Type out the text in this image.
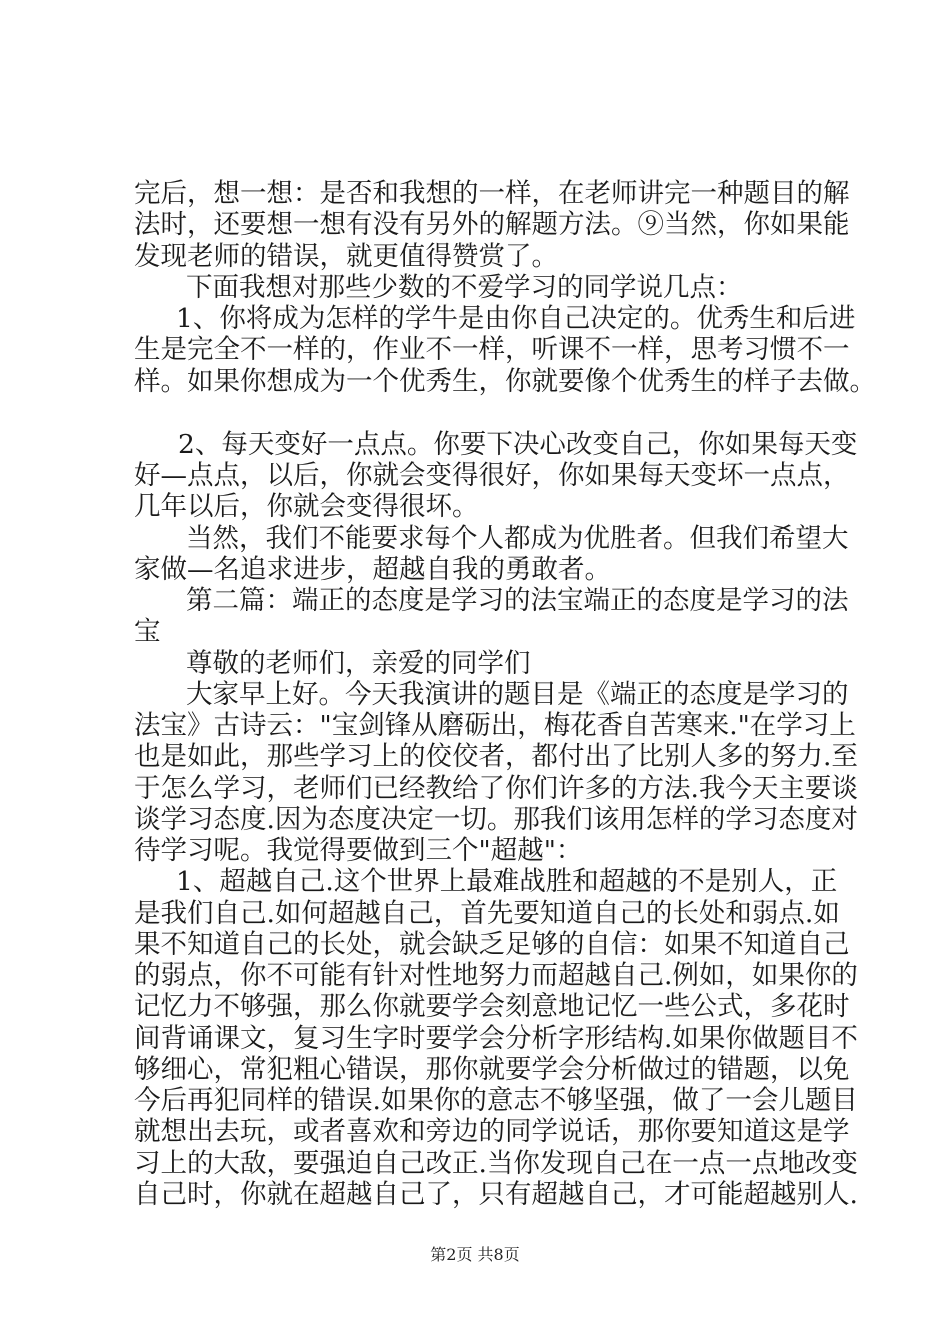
完后，想一想：是否和我想的一样，在老师讲完一种题目的解
法时，还要想一想有没有另外的解题方法。⑨当然，你如果能
发现老师的错误，就更值得赞赏了。
下面我想对那些少数的不爱学习的同学说几点：
1、你将成为怎样的学牛是由你自己决定的。优秀生和后进
生是完全不一样的，作业不一样，听课不一样，思考习惯不一
样。如果你想成为一个优秀生，你就要像个优秀生的样子去做。
2、每天变好一点点。你要下决心改变自己，你如果每天变
好—点点，以后，你就会变得很好，你如果每天变坏一点点，
几年以后，你就会变得很坏。
当然，我们不能要求每个人都成为优胜者。但我们希望大
家做—名追求进步，超越自我的勇敢者。
第二篇：端正的态度是学习的法宝端正的态度是学习的法
宝
尊敬的老师们，亲爱的同学们
大家早上好。今天我演讲的题目是《端正的态度是学习的
法宝》古诗云："宝剑锋从磨砺出，梅花香自苦寒来."在学习上
也是如此，那些学习上的佼佼者，都付出了比别人多的努力.至
于怎么学习，老师们已经教给了你们许多的方法.我今天主要谈
谈学习态度.因为态度决定一切。那我们该用怎样的学习态度对
待学习呢。我觉得要做到三个"超越"：
1、超越自己.这个世界上最难战胜和超越的不是别人，正
是我们自己.如何超越自己，首先要知道自己的长处和弱点.如
果不知道自己的长处，就会缺乏足够的自信：如果不知道自己
的弱点，你不可能有针对性地努力而超越自己.例如，如果你的
记忆力不够强，那么你就要学会刻意地记忆一些公式，多花时
间背诵课文，复习生字时要学会分析字形结构.如果你做题目不
够细心，常犯粗心错误，那你就要学会分析做过的错题，以免
今后再犯同样的错误.如果你的意志不够坚强，做了一会儿题目
就想出去玩，或者喜欢和旁边的同学说话，那你要知道这是学
习上的大敌，要强迫自己改正.当你发现自己在一点一点地改变
自己时，你就在超越自己了，只有超越自己，才可能超越别人.
第2页 共8页
